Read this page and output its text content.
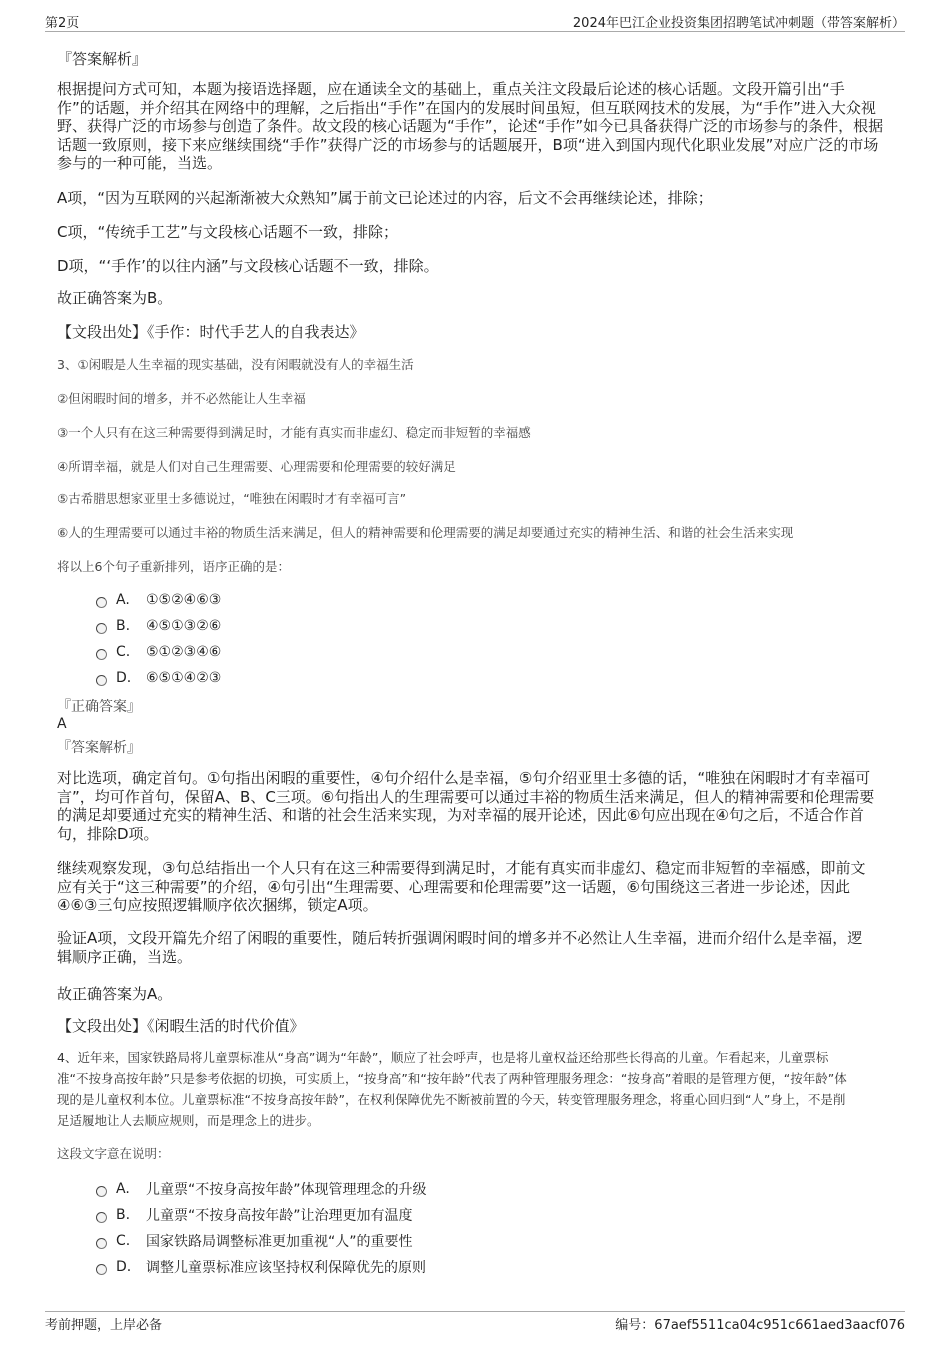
第2页	2024年巴江企业投资集团招聘笔试冲刺题（带答案解析）
『答案解析』
根据提问方式可知，本题为接语选择题，应在通读全文的基础上，重点关注文段最后论述的核心话题。文段开篇引出“手
作”的话题，并介绍其在网络中的理解，之后指出“手作”在国内的发展时间虽短，但互联网技术的发展，为“手作”进入大众视
野、获得广泛的市场参与创造了条件。故文段的核心话题为“手作”，论述“手作”如今已具备获得广泛的市场参与的条件，根据
话题一致原则，接下来应继续围绕“手作”获得广泛的市场参与的话题展开，B项“进入到国内现代化职业发展”对应广泛的市场
参与的一种可能，当选。
A项，“因为互联网的兴起渐渐被大众熟知”属于前文已论述过的内容，后文不会再继续论述，排除；
C项，“传统手工艺”与文段核心话题不一致，排除；
D项，“‘手作’的以往内涵”与文段核心话题不一致，排除。
故正确答案为B。
【文段出处】《手作：时代手艺人的自我表达》
3、①闲暇是人生幸福的现实基础，没有闲暇就没有人的幸福生活
②但闲暇时间的增多，并不必然能让人生幸福
③一个人只有在这三种需要得到满足时，才能有真实而非虚幻、稳定而非短暂的幸福感
④所谓幸福，就是人们对自己生理需要、心理需要和伦理需要的较好满足
⑤古希腊思想家亚里士多德说过，“唯独在闲暇时才有幸福可言”
⑥人的生理需要可以通过丰裕的物质生活来满足，但人的精神需要和伦理需要的满足却要通过充实的精神生活、和谐的社会生活来实现
将以上6个句子重新排列，语序正确的是：
A.	①⑤②④⑥③
B.	④⑤①③②⑥
C.	⑤①②③④⑥
D.	⑥⑤①④②③
『正确答案』
A
『答案解析』
对比选项，确定首句。①句指出闲暇的重要性，④句介绍什么是幸福，⑤句介绍亚里士多德的话，“唯独在闲暇时才有幸福可
言”，均可作首句，保留A、B、C三项。⑥句指出人的生理需要可以通过丰裕的物质生活来满足，但人的精神需要和伦理需要
的满足却要通过充实的精神生活、和谐的社会生活来实现，为对幸福的展开论述，因此⑥句应出现在④句之后，不适合作首
句，排除D项。
继续观察发现，③句总结指出一个人只有在这三种需要得到满足时，才能有真实而非虚幻、稳定而非短暂的幸福感，即前文
应有关于“这三种需要”的介绍，④句引出“生理需要、心理需要和伦理需要”这一话题，⑥句围绕这三者进一步论述，因此
④⑥③三句应按照逻辑顺序依次捆绑，锁定A项。
验证A项，文段开篇先介绍了闲暇的重要性，随后转折强调闲暇时间的增多并不必然让人生幸福，进而介绍什么是幸福，逻
辑顺序正确，当选。
故正确答案为A。
【文段出处】《闲暇生活的时代价值》
4、近年来，国家铁路局将儿童票标准从“身高”调为“年龄”，顺应了社会呼声，也是将儿童权益还给那些长得高的儿童。乍看起来，儿童票标
准“不按身高按年龄”只是参考依据的切换，可实质上，“按身高”和“按年龄”代表了两种管理服务理念：“按身高”着眼的是管理方便，“按年龄”体
现的是儿童权利本位。儿童票标准“不按身高按年龄”，在权利保障优先不断被前置的今天，转变管理服务理念，将重心回归到“人”身上，不是削
足适履地让人去顺应规则，而是理念上的进步。
这段文字意在说明：
A.	儿童票“不按身高按年龄”体现管理理念的升级
B.	儿童票“不按身高按年龄”让治理更加有温度
C.	国家铁路局调整标准更加重视“人”的重要性
D.	调整儿童票标准应该坚持权利保障优先的原则
考前押题，上岸必备	编号：67aef5511ca04c951c661aed3aacf076
